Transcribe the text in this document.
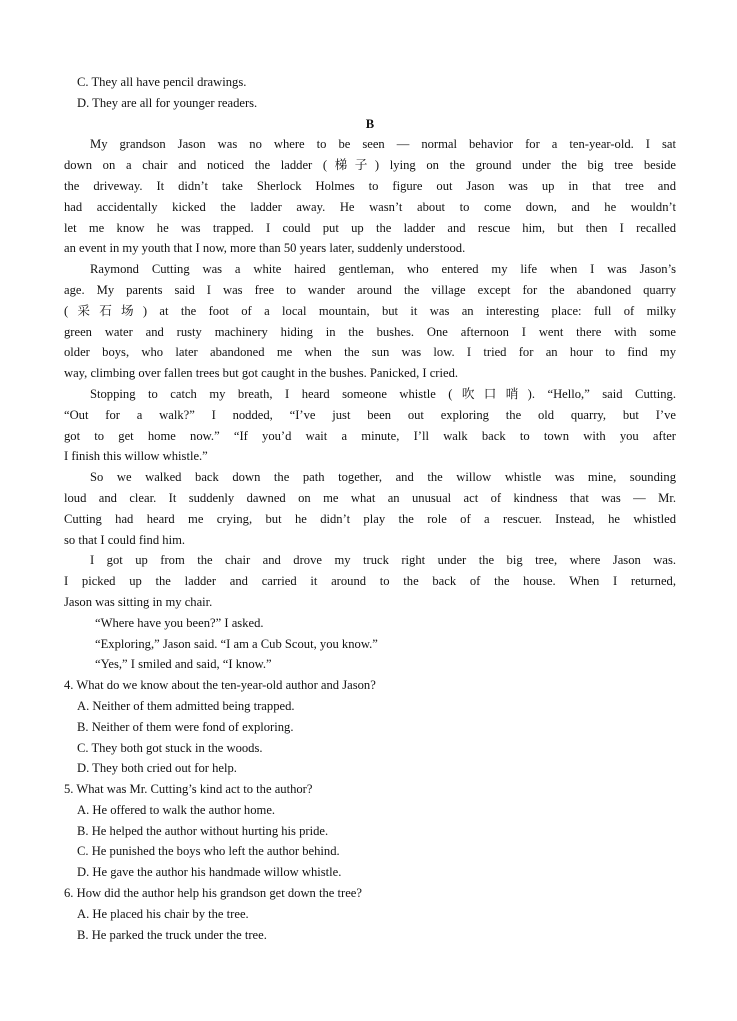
C. They all have pencil drawings.
D. They are all for younger readers.
B
My grandson Jason was no where to be seen — normal behavior for a ten-year-old. I sat
down on a chair and noticed the ladder (梯子) lying on the ground under the big tree beside
the driveway. It didn’t take Sherlock Holmes to figure out Jason was up in that tree and
had accidentally kicked the ladder away. He wasn’t about to come down, and he wouldn’t
let me know he was trapped. I could put up the ladder and rescue him, but then I recalled
an event in my youth that I now, more than 50 years later, suddenly understood.
Raymond Cutting was a white haired gentleman, who entered my life when I was Jason’s
age. My parents said I was free to wander around the village except for the abandoned quarry
(采石场) at the foot of a local mountain, but it was an interesting place: full of milky
green water and rusty machinery hiding in the bushes. One afternoon I went there with some
older boys, who later abandoned me when the sun was low. I tried for an hour to find my
way, climbing over fallen trees but got caught in the bushes. Panicked, I cried.
Stopping to catch my breath, I heard someone whistle (吹口哨). “Hello,” said Cutting.
“Out for a walk?” I nodded, “I’ve just been out exploring the old quarry, but I’ve
got to get home now.” “If you’d wait a minute, I’ll walk back to town with you after
I finish this willow whistle.”
So we walked back down the path together, and the willow whistle was mine, sounding
loud and clear. It suddenly dawned on me what an unusual act of kindness that was — Mr.
Cutting had heard me crying, but he didn’t play the role of a rescuer. Instead, he whistled
so that I could find him.
I got up from the chair and drove my truck right under the big tree, where Jason was.
I picked up the ladder and carried it around to the back of the house. When I returned,
Jason was sitting in my chair.
“Where have you been?” I asked.
“Exploring,” Jason said. “I am a Cub Scout, you know.”
“Yes,” I smiled and said, “I know.”
4. What do we know about the ten-year-old author and Jason?
A. Neither of them admitted being trapped.
B. Neither of them were fond of exploring.
C. They both got stuck in the woods.
D. They both cried out for help.
5. What was Mr. Cutting’s kind act to the author?
A. He offered to walk the author home.
B. He helped the author without hurting his pride.
C. He punished the boys who left the author behind.
D. He gave the author his handmade willow whistle.
6. How did the author help his grandson get down the tree?
A. He placed his chair by the tree.
B. He parked the truck under the tree.
